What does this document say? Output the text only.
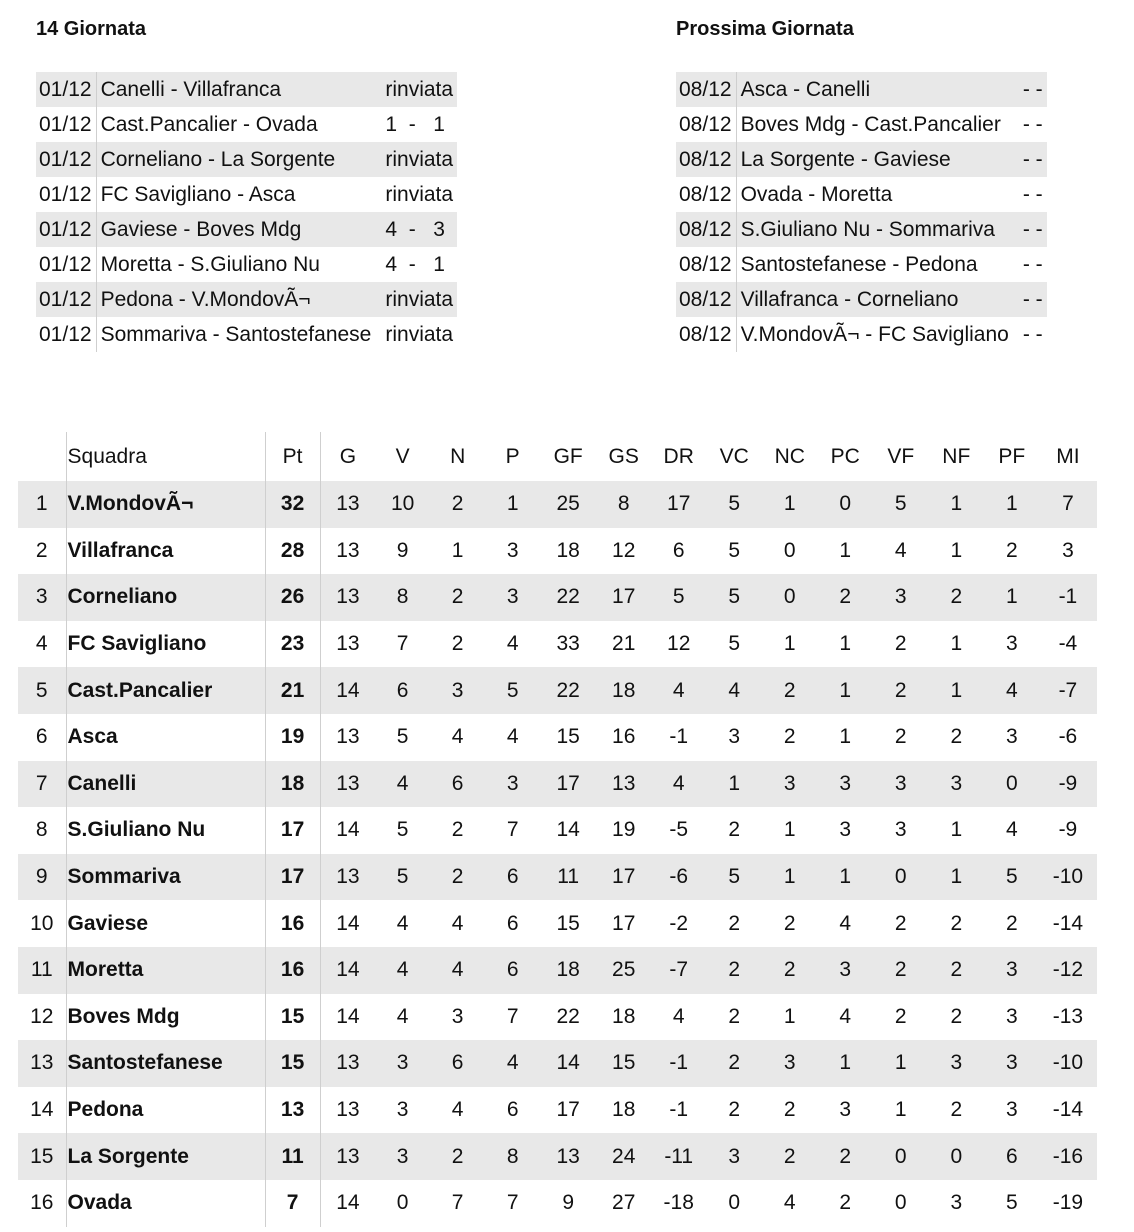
14 Giornata
01/12	Canelli - Villafranca	rinviata
01/12	Cast.Pancalier - Ovada	1  -   1
01/12	Corneliano - La Sorgente	rinviata
01/12	FC Savigliano - Asca	rinviata
01/12	Gaviese - Boves Mdg	4  -   3
01/12	Moretta - S.Giuliano Nu	4  -   1
01/12	Pedona - V.MondovÃ¬	rinviata
01/12	Sommariva - Santostefanese	rinviata
Prossima Giornata
08/12	Asca - Canelli	- -
08/12	Boves Mdg - Cast.Pancalier	- -
08/12	La Sorgente - Gaviese	- -
08/12	Ovada - Moretta	- -
08/12	S.Giuliano Nu - Sommariva	- -
08/12	Santostefanese - Pedona	- -
08/12	Villafranca - Corneliano	- -
08/12	V.MondovÃ¬ - FC Savigliano	- -
	Squadra	Pt	G	V	N	P	GF	GS	DR	VC	NC	PC	VF	NF	PF	MI
1	V.MondovÃ¬	32	13	10	2	1	25	8	17	5	1	0	5	1	1	7
2	Villafranca	28	13	9	1	3	18	12	6	5	0	1	4	1	2	3
3	Corneliano	26	13	8	2	3	22	17	5	5	0	2	3	2	1	-1
4	FC Savigliano	23	13	7	2	4	33	21	12	5	1	1	2	1	3	-4
5	Cast.Pancalier	21	14	6	3	5	22	18	4	4	2	1	2	1	4	-7
6	Asca	19	13	5	4	4	15	16	-1	3	2	1	2	2	3	-6
7	Canelli	18	13	4	6	3	17	13	4	1	3	3	3	3	0	-9
8	S.Giuliano Nu	17	14	5	2	7	14	19	-5	2	1	3	3	1	4	-9
9	Sommariva	17	13	5	2	6	11	17	-6	5	1	1	0	1	5	-10
10	Gaviese	16	14	4	4	6	15	17	-2	2	2	4	2	2	2	-14
11	Moretta	16	14	4	4	6	18	25	-7	2	2	3	2	2	3	-12
12	Boves Mdg	15	14	4	3	7	22	18	4	2	1	4	2	2	3	-13
13	Santostefanese	15	13	3	6	4	14	15	-1	2	3	1	1	3	3	-10
14	Pedona	13	13	3	4	6	17	18	-1	2	2	3	1	2	3	-14
15	La Sorgente	11	13	3	2	8	13	24	-11	3	2	2	0	0	6	-16
16	Ovada	7	14	0	7	7	9	27	-18	0	4	2	0	3	5	-19
